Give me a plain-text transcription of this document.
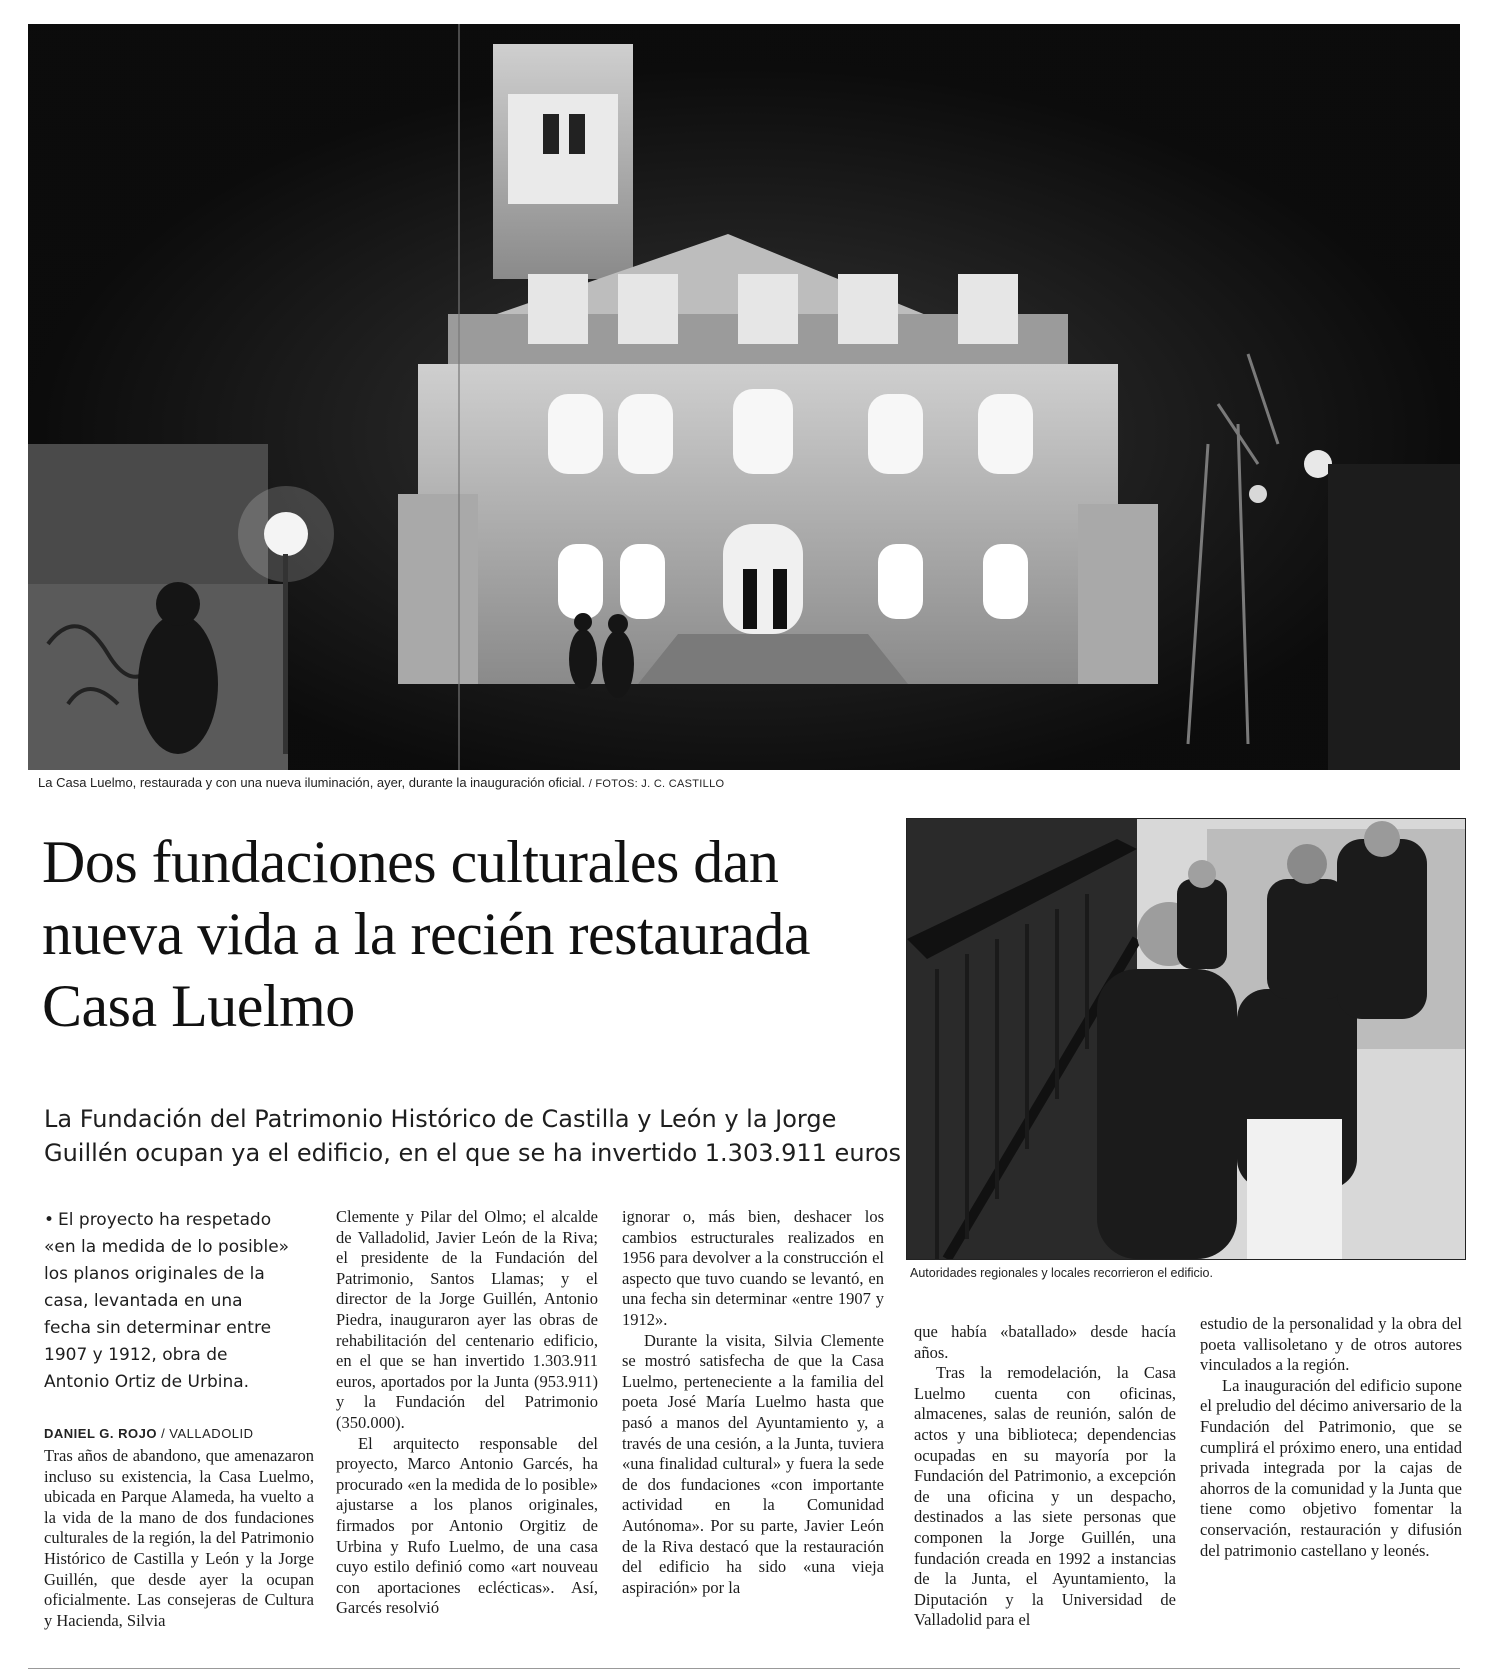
La Casa Luelmo, restaurada y con una nueva iluminación, ayer, durante la inauguración oficial. / FOTOS: J. C. CASTILLO
Dos fundaciones culturales dan nueva vida a la recién restaurada Casa Luelmo
La Fundación del Patrimonio Histórico de Castilla y León y la Jorge Guillén ocupan ya el edificio, en el que se ha invertido 1.303.911 euros
Autoridades regionales y locales recorrieron el edificio.
• El proyecto ha respetado «en la medida de lo posible» los planos originales de la casa, levantada en una fecha sin determinar entre 1907 y 1912, obra de Antonio Ortiz de Urbina.
DANIEL G. ROJO / VALLADOLID

Tras años de abandono, que amenazaron incluso su existencia, la Casa Luelmo, ubicada en Parque Alameda, ha vuelto a la vida de la mano de dos fundaciones culturales de la región, la del Patrimonio Histórico de Castilla y León y la Jorge Guillén, que desde ayer la ocupan oficialmente. Las consejeras de Cultura y Hacienda, Silvia

Clemente y Pilar del Olmo; el alcalde de Valladolid, Javier León de la Riva; el presidente de la Fundación del Patrimonio, Santos Llamas; y el director de la Jorge Guillén, Antonio Piedra, inauguraron ayer las obras de rehabilitación del centenario edificio, en el que se han invertido 1.303.911 euros, aportados por la Junta (953.911) y la Fundación del Patrimonio (350.000).

El arquitecto responsable del proyecto, Marco Antonio Garcés, ha procurado «en la medida de lo posible» ajustarse a los planos originales, firmados por Antonio Orgitiz de Urbina y Rufo Luelmo, de una casa cuyo estilo definió como «art nouveau con aportaciones eclécticas». Así, Garcés resolvió

ignorar o, más bien, deshacer los cambios estructurales realizados en 1956 para devolver a la construcción el aspecto que tuvo cuando se levantó, en una fecha sin determinar «entre 1907 y 1912».

Durante la visita, Silvia Clemente se mostró satisfecha de que la Casa Luelmo, perteneciente a la familia del poeta José María Luelmo hasta que pasó a manos del Ayuntamiento y, a través de una cesión, a la Junta, tuviera «una finalidad cultural» y fuera la sede de dos fundaciones «con importante actividad en la Comunidad Autónoma». Por su parte, Javier León de la Riva destacó que la restauración del edificio ha sido «una vieja aspiración» por la

que había «batallado» desde hacía años.

Tras la remodelación, la Casa Luelmo cuenta con oficinas, almacenes, salas de reunión, salón de actos y una biblioteca; dependencias ocupadas en su mayoría por la Fundación del Patrimonio, a excepción de una oficina y un despacho, destinados a las siete personas que componen la Jorge Guillén, una fundación creada en 1992 a instancias de la Junta, el Ayuntamiento, la Diputación y la Universidad de Valladolid para el

estudio de la personalidad y la obra del poeta vallisoletano y de otros autores vinculados a la región.

La inauguración del edificio supone el preludio del décimo aniversario de la Fundación del Patrimonio, que se cumplirá el próximo enero, una entidad privada integrada por la cajas de ahorros de la comunidad y la Junta que tiene como objetivo fomentar la conservación, restauración y difusión del patrimonio castellano y leonés.
